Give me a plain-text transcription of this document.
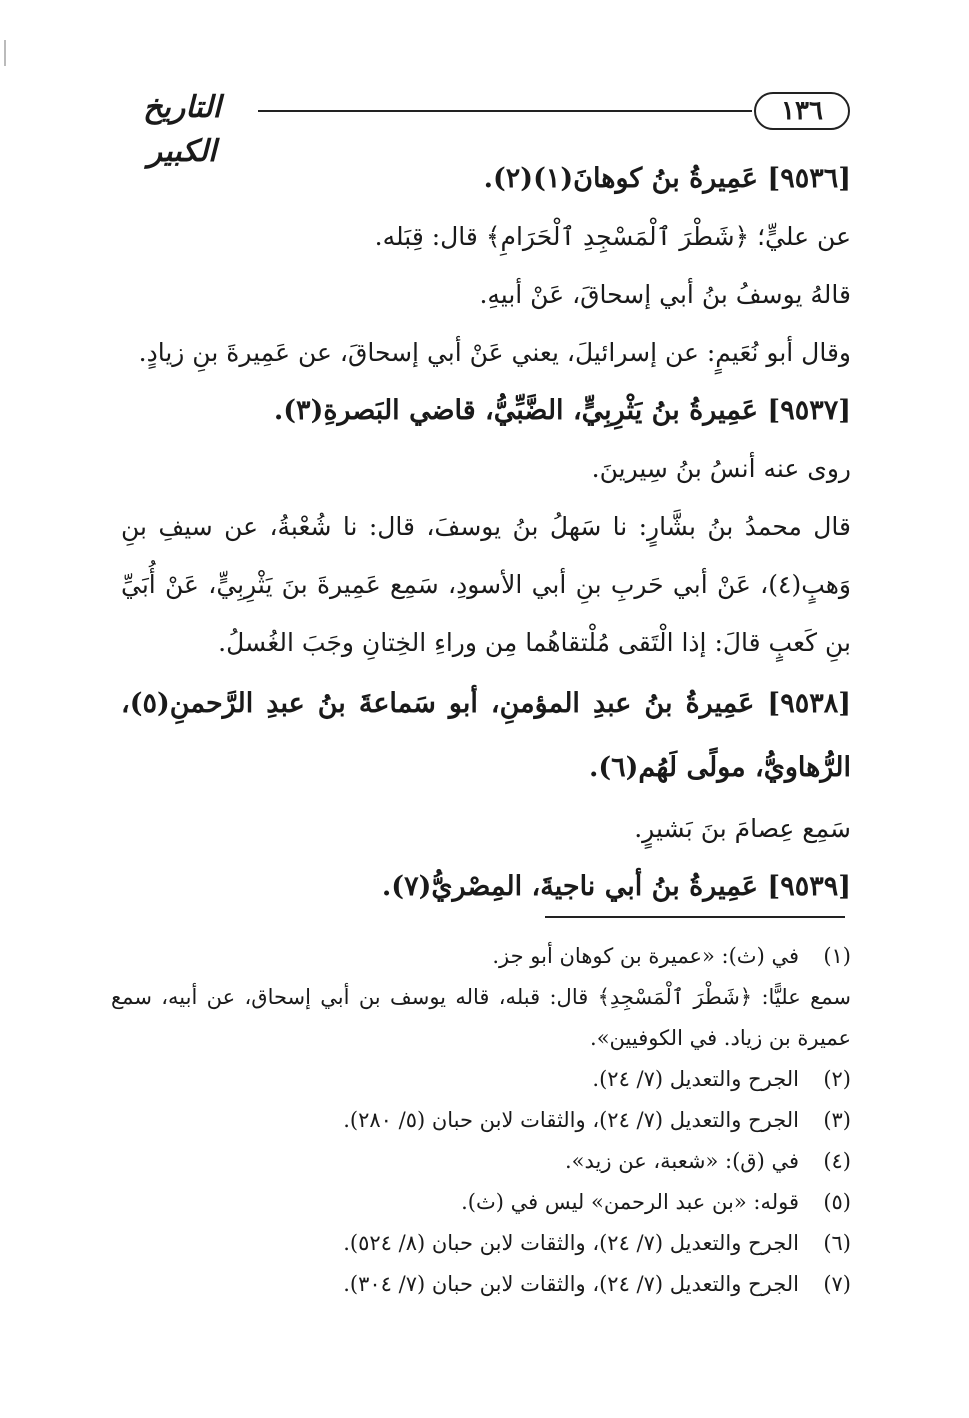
١٣٦
التاريخ الكبير

[٩٥٣٦] عَمِيرةُ بنُ كوهانَ(١)(٢).

عن عليٍّ؛ ﴿شَطْرَ ٱلْمَسْجِدِ ٱلْحَرَامِ﴾ قال: قِبَله.

قالهُ يوسفُ بنُ أبي إسحاقَ، عَنْ أبيهِ.

وقال أبو نُعَيمٍ: عن إسرائيلَ، يعني عَنْ أبي إسحاقَ، عن عَمِيرةَ بنِ زيادٍ.

[٩٥٣٧] عَمِيرةُ بنُ يَثْرِبِيٍّ، الضَّبِّيُّ، قاضي البَصرةِ(٣).

روى عنه أنسُ بنُ سِيرينَ.

قال محمدُ بنُ بشَّارٍ: نا سَهلُ بنُ يوسفَ، قال: نا شُعْبةُ، عن سيفِ بنِ وَهبٍ(٤)، عَنْ أبي حَربِ بنِ أبي الأسودِ، سَمِع عَمِيرةَ بنَ يَثْرِبِيٍّ، عَنْ أُبَيِّ بنِ كَعبٍ قالَ: إذا الْتَقى مُلْتقاهُما مِن وراءِ الخِتانِ وجَبَ الغُسلُ.

[٩٥٣٨] عَمِيرةُ بنُ عبدِ المؤمنِ، أبو سَماعةَ بنُ عبدِ الرَّحمنِ(٥)، الرُّهاويُّ، مولًى لَهُم(٦).

سَمِع عِصامَ بنَ بَشيرٍ.

[٩٥٣٩] عَمِيرةُ بنُ أبي ناجيةَ، المِصْريُّ(٧).

(١)
في (ث): «عميرة بن كوهان أبو جز.

سمع عليًّا: ﴿شَطْرَ ٱلْمَسْجِدِ﴾ قال: قبله، قاله يوسف بن أبي إسحاق، عن أبيه، سمع عميرة بن زياد. في الكوفيين».

(٢)
الجرح والتعديل (٧/ ٢٤).
(٣)
الجرح والتعديل (٧/ ٢٤)، والثقات لابن حبان (٥/ ٢٨٠).
(٤)
في (ق): «شعبة، عن زيد».
(٥)
قوله: «بن عبد الرحمن» ليس في (ث).
(٦)
الجرح والتعديل (٧/ ٢٤)، والثقات لابن حبان (٨/ ٥٢٤).
(٧)
الجرح والتعديل (٧/ ٢٤)، والثقات لابن حبان (٧/ ٣٠٤).
